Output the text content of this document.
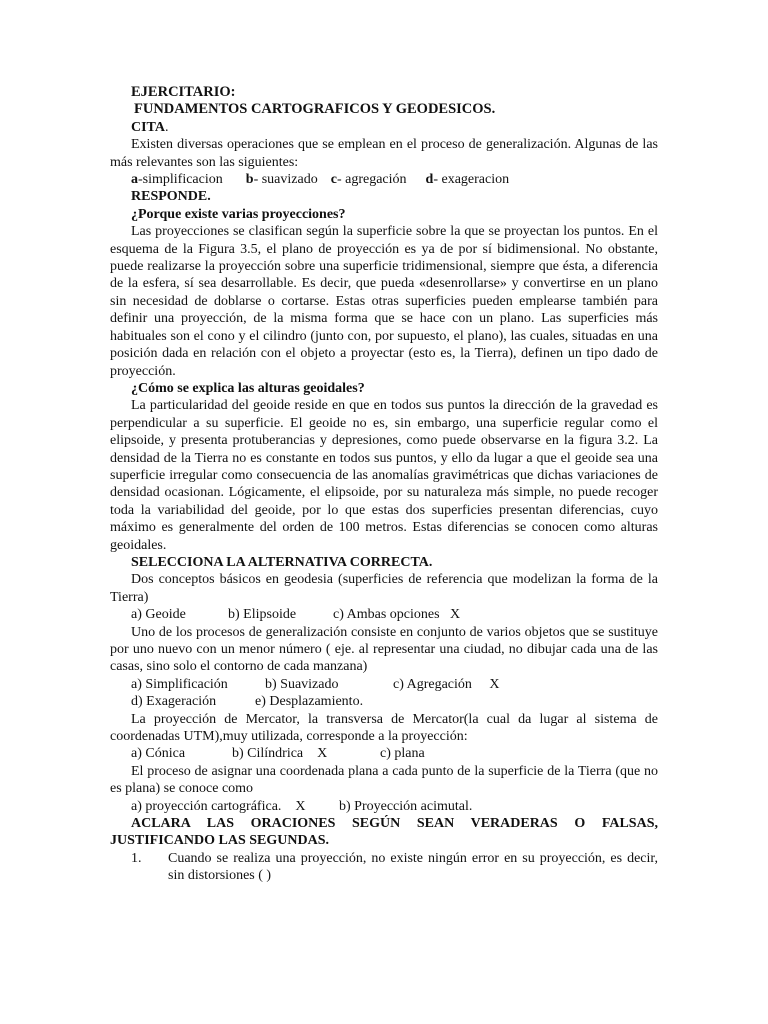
EJERCITARIO:

FUNDAMENTOS CARTOGRAFICOS Y GEODESICOS.

CITA.

Existen diversas operaciones que se emplean en el proceso de generalización. Algunas de las más relevantes son las siguientes:

a-simplificacion b- suavizado c- agregación d- exageracion

RESPONDE.

¿Porque existe varias proyecciones?

Las proyecciones se clasifican según la superficie sobre la que se proyectan los puntos. En el esquema de la Figura 3.5, el plano de proyección es ya de por sí bidimensional. No obstante, puede realizarse la proyección sobre una superficie tridimensional, siempre que ésta, a diferencia de la esfera, sí sea desarrollable. Es decir, que pueda «desenrollarse» y convertirse en un plano sin necesidad de doblarse o cortarse. Estas otras superficies pueden emplearse también para definir una proyección, de la misma forma que se hace con un plano. Las superficies más habituales son el cono y el cilindro (junto con, por supuesto, el plano), las cuales, situadas en una posición dada en relación con el objeto a proyectar (esto es, la Tierra), definen un tipo dado de proyección.

¿Cómo se explica las alturas geoidales?

La particularidad del geoide reside en que en todos sus puntos la dirección de la gravedad es perpendicular a su superficie. El geoide no es, sin embargo, una superficie regular como el elipsoide, y presenta protuberancias y depresiones, como puede observarse en la figura 3.2. La densidad de la Tierra no es constante en todos sus puntos, y ello da lugar a que el geoide sea una superficie irregular como consecuencia de las anomalías gravimétricas que dichas variaciones de densidad ocasionan. Lógicamente, el elipsoide, por su naturaleza más simple, no puede recoger toda la variabilidad del geoide, por lo que estas dos superficies presentan diferencias, cuyo máximo es generalmente del orden de 100 metros. Estas diferencias se conocen como alturas geoidales.

SELECCIONA LA ALTERNATIVA CORRECTA.

Dos conceptos básicos en geodesia (superficies de referencia que modelizan la forma de la Tierra)

a) Geoide	b) Elipsoide	c) Ambas opciones   X

Uno de los procesos de generalización consiste en conjunto de varios objetos que se sustituye por uno nuevo con un menor número ( eje. al representar una ciudad, no dibujar cada una de las casas, sino solo el contorno de cada manzana)

a) Simplificación	b) Suavizado	c) Agregación     X

d) Exageración	e) Desplazamiento.

La proyección de Mercator, la transversa de Mercator(la cual da lugar al sistema de coordenadas UTM),muy utilizada, corresponde a la proyección:

a) Cónica	b) Cilíndrica    X	c) plana

El proceso de asignar una coordenada plana a cada punto de la superficie de la Tierra (que no es plana) se conoce como

a) proyección cartográfica.    X b) Proyección acimutal.

ACLARA LAS ORACIONES SEGÚN SEAN VERADERAS O FALSAS,

JUSTIFICANDO LAS SEGUNDAS.

1.	Cuando se realiza una proyección, no existe ningún error en su proyección, es decir, sin distorsiones ( )
